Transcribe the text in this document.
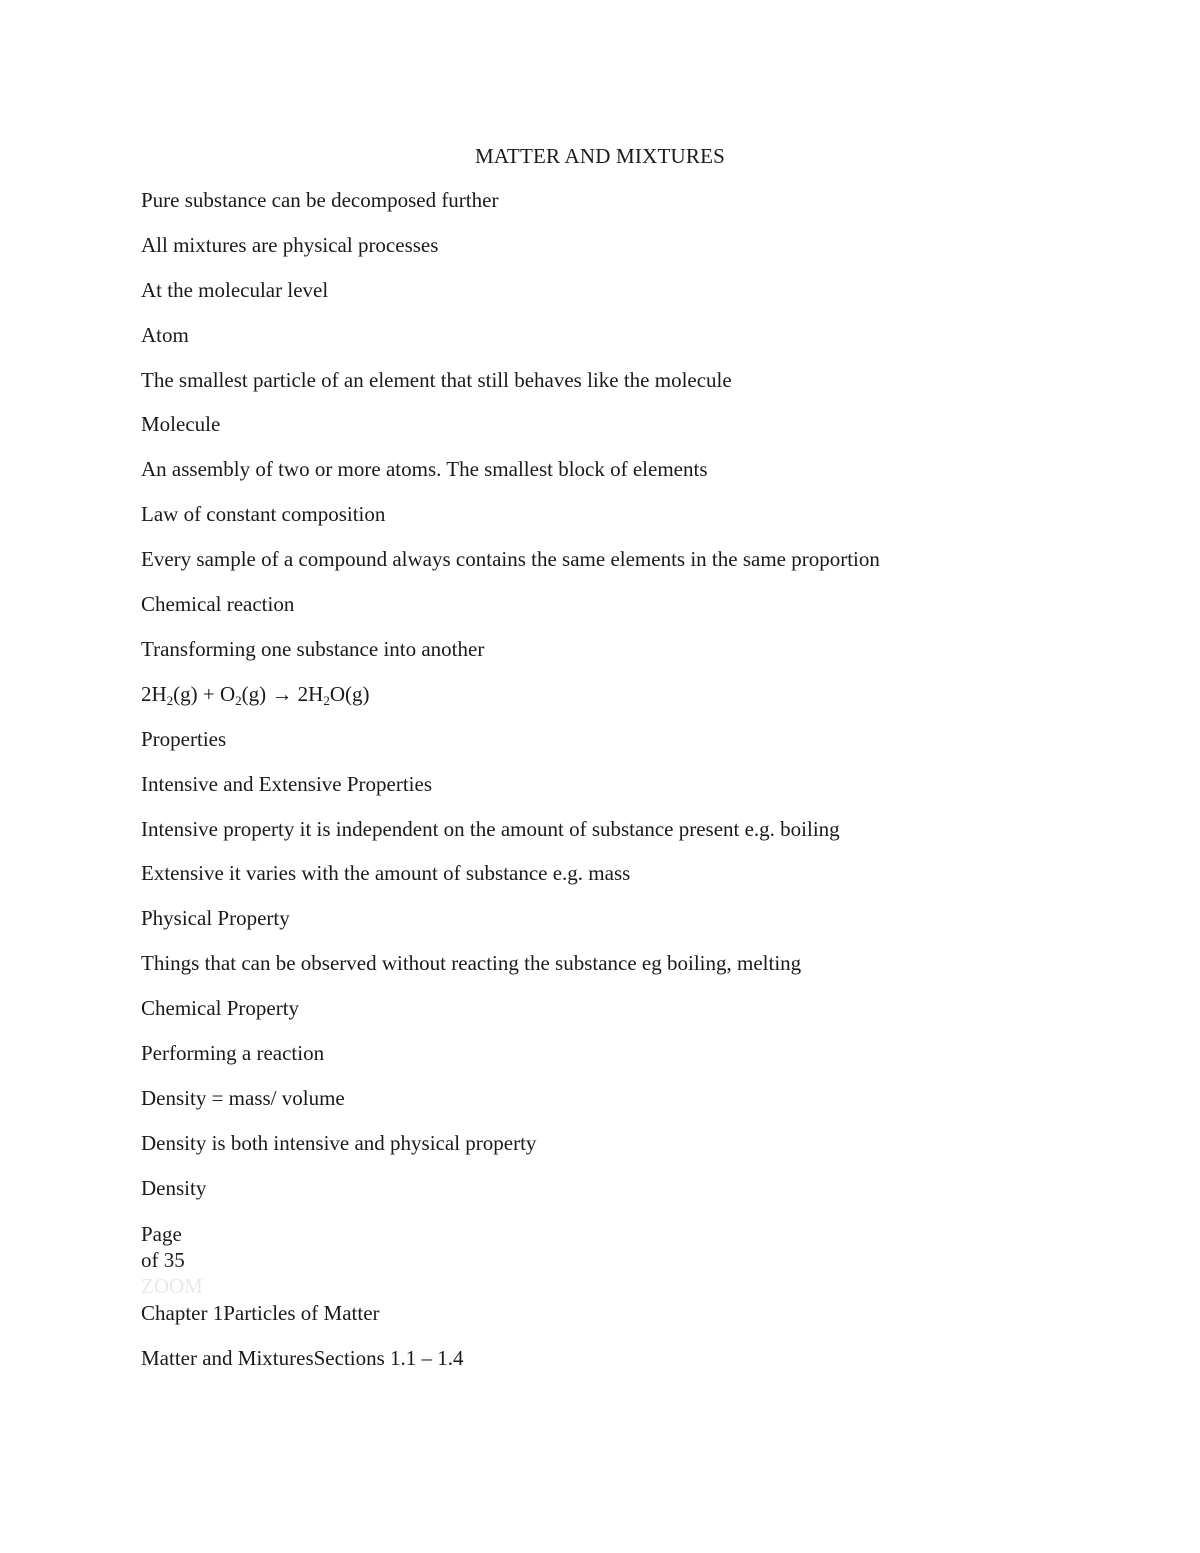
MATTER AND MIXTURES
Pure substance can be decomposed further
All mixtures are physical processes
At the molecular level
Atom
The smallest particle of an element that still behaves like the molecule
Molecule
An assembly of two or more atoms. The smallest block of elements
Law of constant composition
Every sample of a compound always contains the same elements in the same proportion
Chemical reaction
Transforming one substance into another
$2H_2(g) + O_2(g) \to 2H_2O(g)$
Properties
Intensive and Extensive Properties
Intensive property it is independent on the amount of substance present e.g. boiling
Extensive it varies with the amount of substance e.g. mass
Physical Property
Things that can be observed without reacting the substance eg boiling, melting
Chemical Property
Performing a reaction
Density = mass/ volume
Density is both intensive and physical property
Density
Page
of 35
ZOOM
Chapter 1Particles of Matter
Matter and MixturesSections 1.1 – 1.4
